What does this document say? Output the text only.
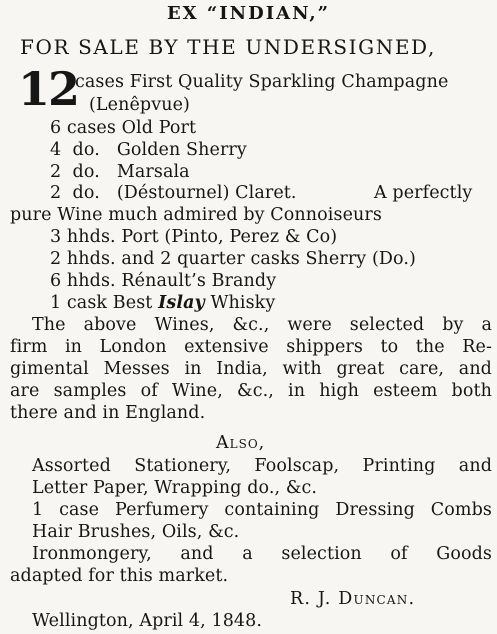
EX “INDIAN,”
FOR SALE BY THE UNDERSIGNED,
12
cases First Quality Sparkling Champagne
(Lenêpvue)
6 cases Old Port
4  do.   Golden Sherry
2  do.   Marsala
2  do.   (Déstournel) Claret.	A perfectly
pure Wine much admired by Connoiseurs
3 hhds. Port (Pinto, Perez & Co)
2 hhds. and 2 quarter casks Sherry (Do.)
6 hhds. Rénault’s Brandy
1 cask Best Islay Whisky
The above Wines, &c., were selected by a
firm in London extensive shippers to the Re-
gimental Messes in India, with great care, and
are samples of Wine, &c., in high esteem both
there and in England.
Also,
Assorted Stationery, Foolscap, Printing and
Letter Paper, Wrapping do., &c.
1 case Perfumery containing Dressing Combs
Hair Brushes, Oils, &c.
Ironmongery, and a selection of Goods
adapted for this market.
R. J. Duncan.
Wellington, April 4, 1848.
